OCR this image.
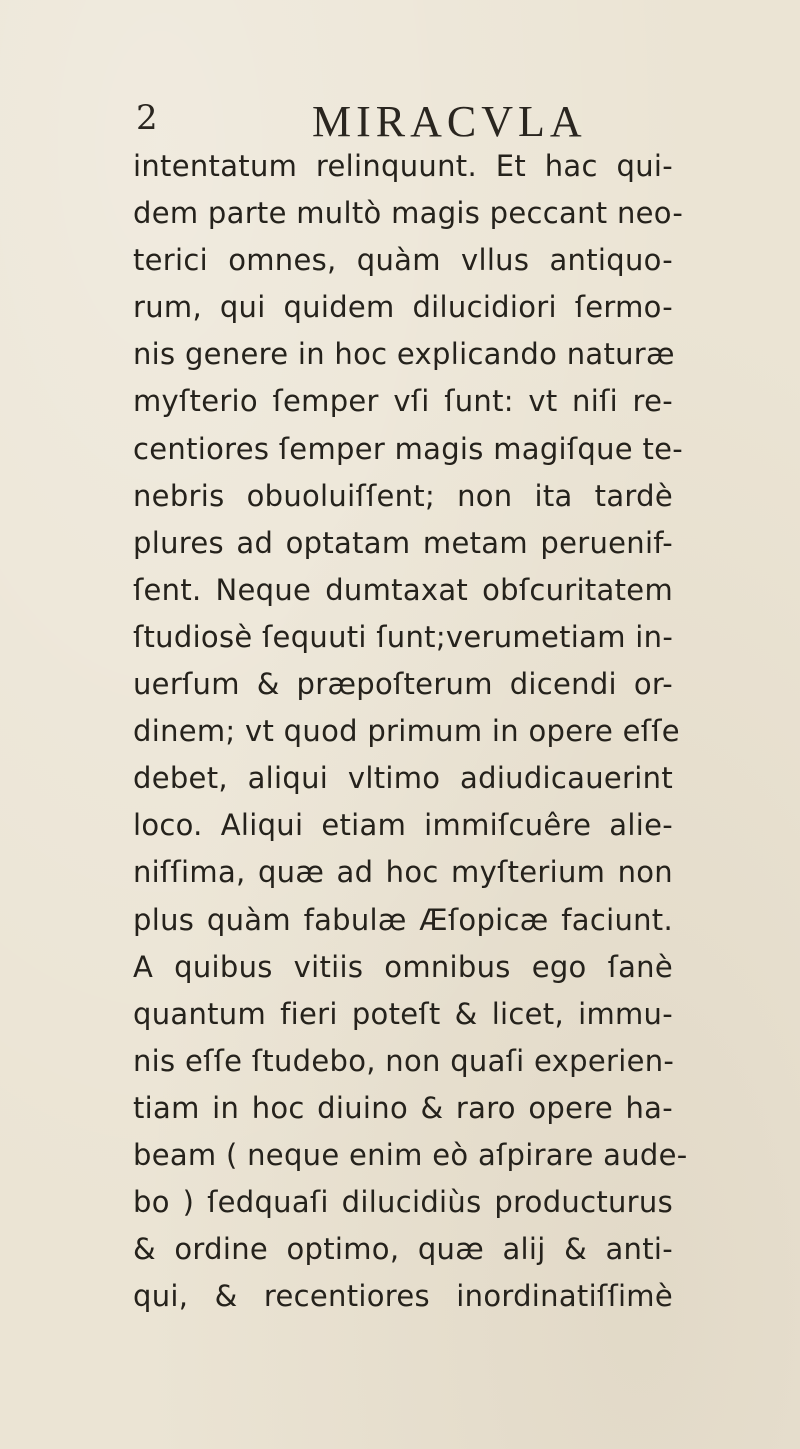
2	MIRACVLA
intentatum relinquunt. Et hac qui-
dem parte multò magis peccant neo-
terici omnes, quàm vllus antiquo-
rum, qui quidem dilucidiori ſermo-
nis genere in hoc explicando naturæ
myſterio ſemper vſi ſunt: vt niſi re-
centiores ſemper magis magiſque te-
nebris obuoluiſſent; non ita tardè
plures ad optatam metam peruenif-
ſent. Neque dumtaxat obſcuritatem
ſtudiosè ſequuti ſunt;verumetiam in-
uerſum & præpoſterum dicendi or-
dinem; vt quod primum in opere eſſe
debet, aliqui vltimo adiudicauerint
loco. Aliqui etiam immiſcuêre alie-
niſſima, quæ ad hoc myſterium non
plus quàm fabulæ Æſopicæ faciunt.
A quibus vitiis omnibus ego ſanè
quantum fieri poteſt & licet, immu-
nis eſſe ſtudebo, non quaſi experien-
tiam in hoc diuino & raro opere ha-
beam ( neque enim eò aſpirare aude-
bo ) ſedquaſi dilucidiùs producturus
& ordine optimo, quæ alij & anti-
qui, & recentiores inordinatiſſimè
